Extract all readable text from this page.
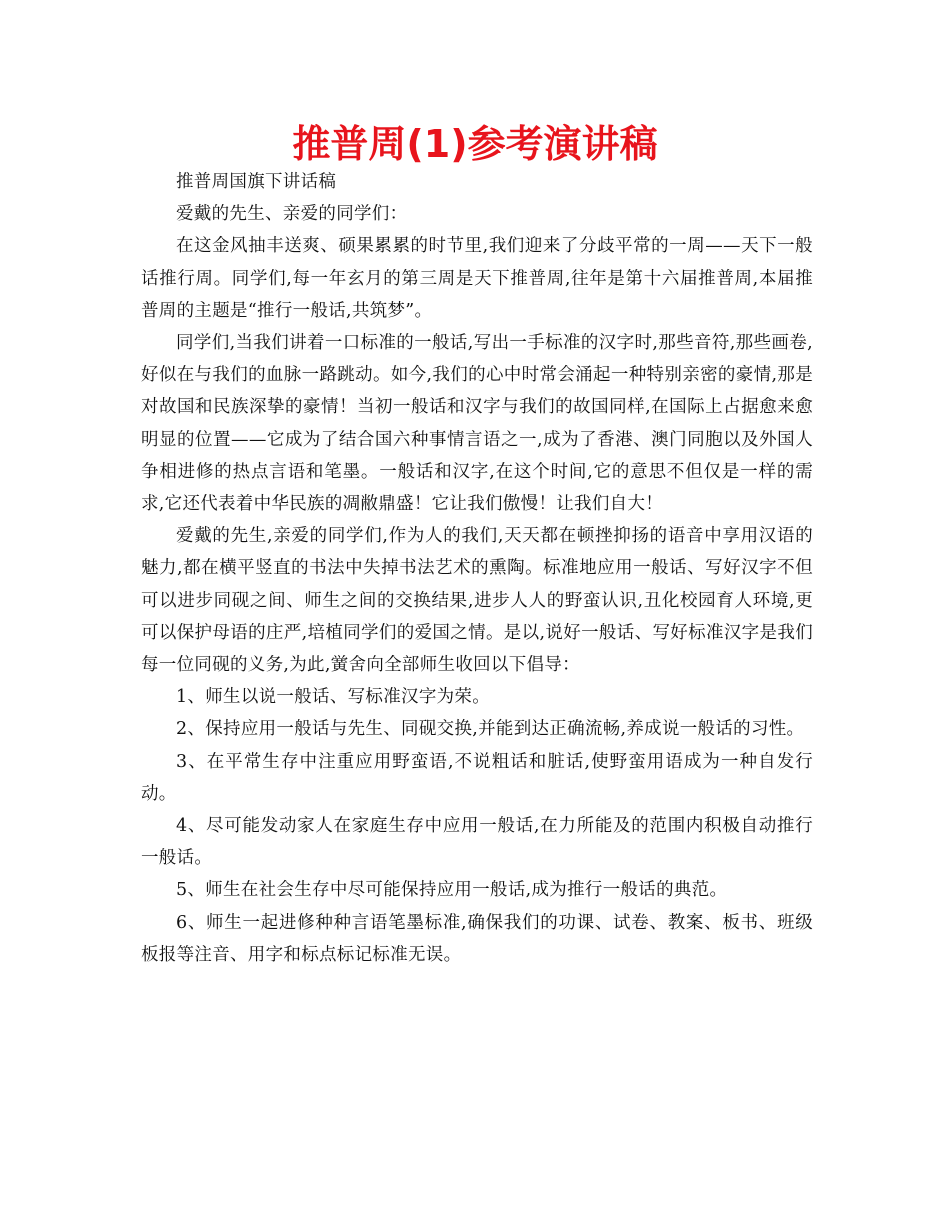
推普周(1)参考演讲稿

推普周国旗下讲话稿

爱戴的先生、亲爱的同学们：

在这金风抽丰送爽、硕果累累的时节里,我们迎来了分歧平常的一周——天下一般话推行周。同学们,每一年玄月的第三周是天下推普周,往年是第十六届推普周,本届推普周的主题是“推行一般话,共筑梦”。

同学们,当我们讲着一口标准的一般话,写出一手标准的汉字时,那些音符,那些画卷,好似在与我们的血脉一路跳动。如今,我们的心中时常会涌起一种特别亲密的豪情,那是对故国和民族深挚的豪情！当初一般话和汉字与我们的故国同样,在国际上占据愈来愈明显的位置——它成为了结合国六种事情言语之一,成为了香港、澳门同胞以及外国人争相进修的热点言语和笔墨。一般话和汉字,在这个时间,它的意思不但仅是一样的需求,它还代表着中华民族的凋敝鼎盛！它让我们傲慢！让我们自大！

爱戴的先生,亲爱的同学们,作为人的我们,天天都在顿挫抑扬的语音中享用汉语的魅力,都在横平竖直的书法中失掉书法艺术的熏陶。标准地应用一般话、写好汉字不但可以进步同砚之间、师生之间的交换结果,进步人人的野蛮认识,丑化校园育人环境,更可以保护母语的庄严,培植同学们的爱国之情。是以,说好一般话、写好标准汉字是我们每一位同砚的义务,为此,黉舍向全部师生收回以下倡导：

1、师生以说一般话、写标准汉字为荣。

2、保持应用一般话与先生、同砚交换,并能到达正确流畅,养成说一般话的习性。

3、在平常生存中注重应用野蛮语,不说粗话和脏话,使野蛮用语成为一种自发行动。

4、尽可能发动家人在家庭生存中应用一般话,在力所能及的范围内积极自动推行一般话。

5、师生在社会生存中尽可能保持应用一般话,成为推行一般话的典范。

6、师生一起进修种种言语笔墨标准,确保我们的功课、试卷、教案、板书、班级板报等注音、用字和标点标记标准无误。
